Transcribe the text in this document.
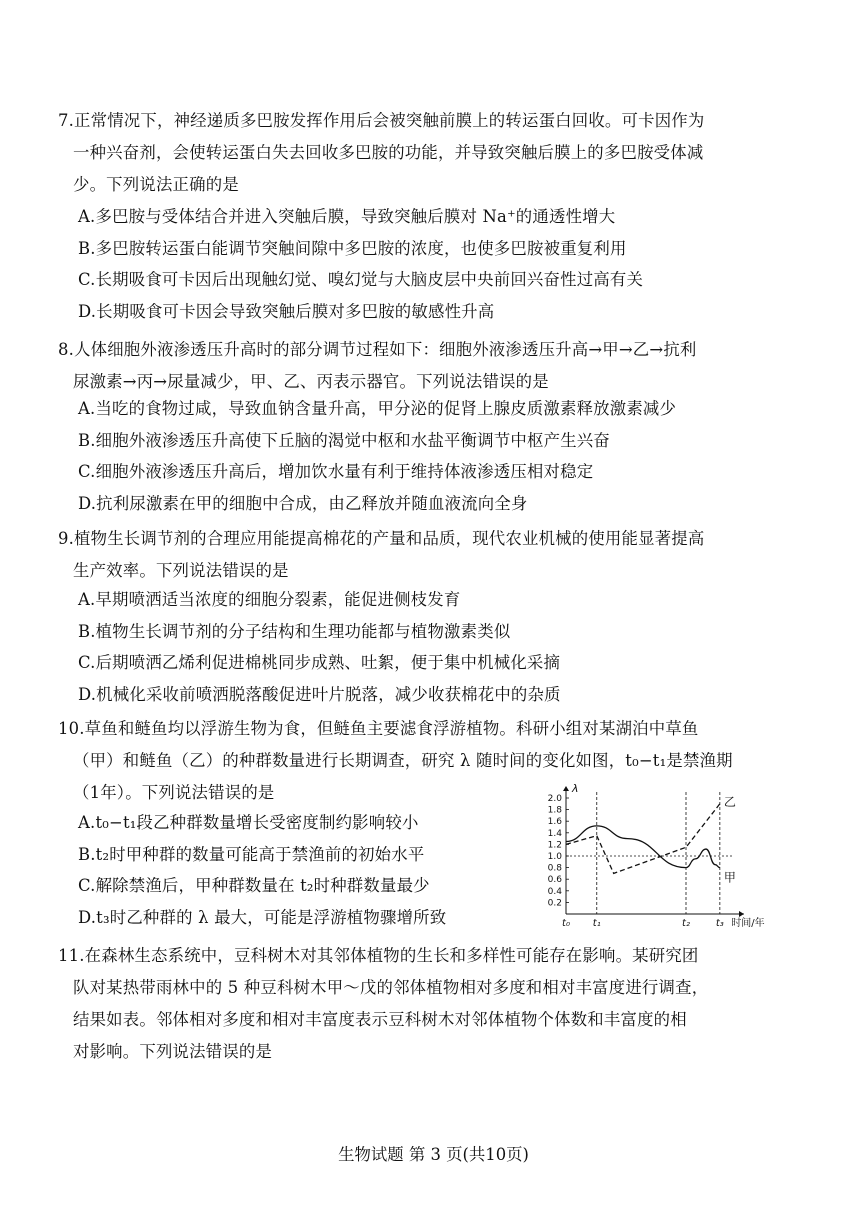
7.正常情况下，神经递质多巴胺发挥作用后会被突触前膜上的转运蛋白回收。可卡因作为
一种兴奋剂，会使转运蛋白失去回收多巴胺的功能，并导致突触后膜上的多巴胺受体减
少。下列说法正确的是
A.多巴胺与受体结合并进入突触后膜，导致突触后膜对 Na⁺的通透性增大
B.多巴胺转运蛋白能调节突触间隙中多巴胺的浓度，也使多巴胺被重复利用
C.长期吸食可卡因后出现触幻觉、嗅幻觉与大脑皮层中央前回兴奋性过高有关
D.长期吸食可卡因会导致突触后膜对多巴胺的敏感性升高
8.人体细胞外液渗透压升高时的部分调节过程如下：细胞外液渗透压升高→甲→乙→抗利
尿激素→丙→尿量减少，甲、乙、丙表示器官。下列说法错误的是
A.当吃的食物过咸，导致血钠含量升高，甲分泌的促肾上腺皮质激素释放激素减少
B.细胞外液渗透压升高使下丘脑的渴觉中枢和水盐平衡调节中枢产生兴奋
C.细胞外液渗透压升高后，增加饮水量有利于维持体液渗透压相对稳定
D.抗利尿激素在甲的细胞中合成，由乙释放并随血液流向全身
9.植物生长调节剂的合理应用能提高棉花的产量和品质，现代农业机械的使用能显著提高
生产效率。下列说法错误的是
A.早期喷洒适当浓度的细胞分裂素，能促进侧枝发育
B.植物生长调节剂的分子结构和生理功能都与植物激素类似
C.后期喷洒乙烯利促进棉桃同步成熟、吐絮，便于集中机械化采摘
D.机械化采收前喷洒脱落酸促进叶片脱落，减少收获棉花中的杂质
10.草鱼和鲢鱼均以浮游生物为食，但鲢鱼主要滤食浮游植物。科研小组对某湖泊中草鱼
（甲）和鲢鱼（乙）的种群数量进行长期调查，研究 λ 随时间的变化如图，t₀−t₁是禁渔期
（1年）。下列说法错误的是
A.t₀−t₁段乙种群数量增长受密度制约影响较小
B.t₂时甲种群的数量可能高于禁渔前的初始水平
C.解除禁渔后，甲种群数量在 t₂时种群数量最少
D.t₃时乙种群的 λ 最大，可能是浮游植物骤增所致
11.在森林生态系统中，豆科树木对其邻体植物的生长和多样性可能存在影响。某研究团
队对某热带雨林中的 5 种豆科树木甲～戊的邻体植物相对多度和相对丰富度进行调查，
结果如表。邻体相对多度和相对丰富度表示豆科树木对邻体植物个体数和丰富度的相
对影响。下列说法错误的是
2.0
1.8
1.6
1.4
1.2
1.0
0.8
0.6
0.4
0.2
λ
t₀ t₁	t₂	t₃ 时间/年
乙
甲
生物试题 第 3 页(共10页)
